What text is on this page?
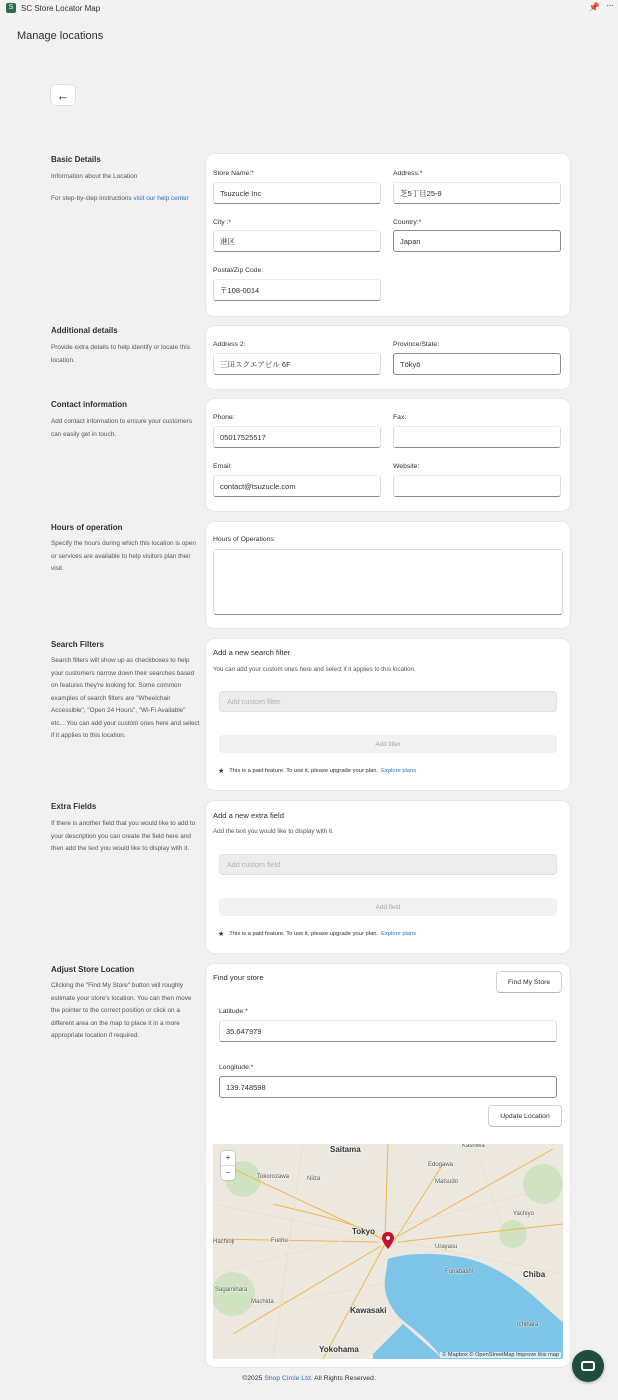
S SC Store Locator Map	📌 ···
Manage locations
←
Basic Details
Information about the Location
For step-by-step instructions visit our help center
Store Name:*
Tsuzucle Inc
Address:*
芝5丁目25-9
City :*
港区
Country:*
Japan
Postal/Zip Code:
〒108-0014
Additional details
Provide extra details to help identify or locate this location.
Address 2:
三田スクエアビル 6F
Province/State:
Tōkyō
Contact information
Add contact information to ensure your customers can easily get in touch.
Phone:
05017525517
Fax:
Email:
contact@tsuzucle.com
Website:
Hours of operation
Specify the hours during which this location is open or services are available to help visitors plan their visit.
Hours of Operations:
Search Filters
Search filters will show up as checkboxes to help your customers narrow down their searches based on features they're looking for. Some common examples of search filters are "Wheelchair Accessible", "Open 24 Hours", "Wi-Fi Available" etc... You can add your custom ones here and select if it applies to this location.
Add a new search filter
You can add your custom ones here and select if it applies to this location.
Add custom filter
Add filter
★ This is a paid feature. To use it, please upgrade your plan. Explore plans
Extra Fields
If there is another field that you would like to add to your description you can create the field here and then add the text you would like to display with it.
Add a new extra field
Add the text you would like to display with it.
Add custom field
Add field
★ This is a paid feature. To use it, please upgrade your plan. Explore plans
Adjust Store Location
Clicking the "Find My Store" button will roughly estimate your store's location. You can then move the pointer to the correct position or click on a different area on the map to place it in a more appropriate location if required.
Find your store	Find My Store
Latitude:*
35.647979
Longitude:*
139.748598
Update Location
+
−
Saitama	Kashiwa
Tokorozawa	Niiza	Matsudo
Edogawa
Yachiyo
Tokyo
Urayasu
Chiba
Fuchu
Hachioji
Sagamihara
Machida
Kawasaki
Yokohama
Ichihara
Funabashi
© Mapbox © OpenStreetMap Improve this map
©2025 Shop Circle Ltd. All Rights Reserved.
